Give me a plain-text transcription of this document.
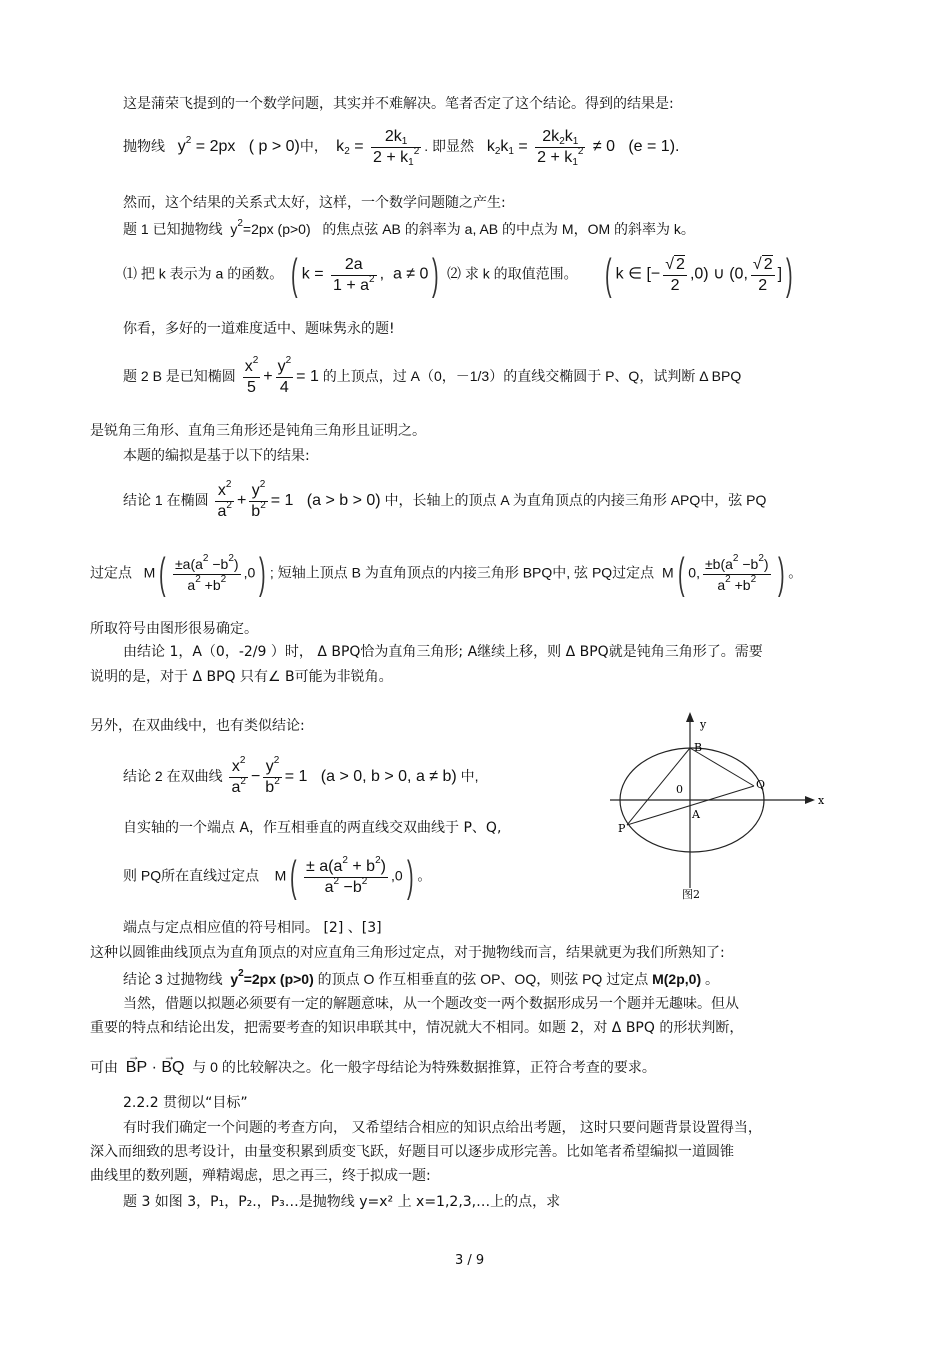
这是蒲荣飞提到的一个数学问题，其实并不难解决。笔者否定了这个结论。得到的结果是:
抛物线   $y^2 = 2px$   ( p > 0)中，  $k_2 = \frac{2k_1}{2 + k_1^2}$ . 即显然   $k_2k_1 = \frac{2k_2k_1}{2 + k_1^2} \ne 0$   (e = 1).
然而，这个结果的关系式太好，这样，一个数学问题随之产生:
题 1 已知抛物线  $y^2=2px$ (p>0)   的焦点弦 AB 的斜率为 a, AB 的中点为 M，OM 的斜率为 k。
⑴ 把 k 表示为 a 的函数。 ( $k = \frac{2a}{1 + a^2}$ ,  a ≠ 0) ⑵ 求 k 的取值范围。 ( k ∈ [− $\frac{√ 2}{2} ,0$) ∪ (0, $\frac{√ 2}{2}$ ])
你看，多好的一道难度适中、题味隽永的题!
题 2 B 是已知椭圆 $\frac{x^2}{5} + \frac{y^2}{4} = 1$ 的上顶点，过 A（0，－1/3）的直线交椭圆于 P、Q，试判断 Δ BPQ
是锐角三角形、直角三角形还是钝角三角形且证明之。
本题的编拟是基于以下的结果:
结论 1 在椭圆 $\frac{x^2}{a^2} + \frac{y^2}{b^2} = 1$   (a > b > 0) 中，长轴上的顶点 A 为直角顶点的内接三角形 APQ中，弦 PQ
过定点   $M( \frac{\pm a(a^2 -b^2)}{a^2 +b^2} ,0)$ ; 短轴上顶点 B 为直角顶点的内接三角形 BPQ中, 弦 PQ过定点  M( 0, $\frac{\pm b(a^2 -b^2)}{a^2 +b^2}$ ) 。
所取符号由图形很易确定。
由结论 1，A（0，-2/9 ）时， Δ BPQ恰为直角三角形; A继续上移，则 Δ BPQ就是钝角三角形了。需要
说明的是，对于 Δ BPQ 只有∠ B可能为非锐角。
另外，在双曲线中，也有类似结论:
结论 2 在双曲线 $\frac{x^2}{a^2} - \frac{y^2}{b^2} = 1$   (a > 0, b > 0, a ≠ b) 中,
自实轴的一个端点 A，作互相垂直的两直线交双曲线于 P、Q,
则 PQ所在直线过定点    $M( \frac{\pm a(a^2 + b^2)}{a^2 -b^2} ,0)$ 。
端点与定点相应值的符号相同。 [2] 、[3]
这种以圆锥曲线顶点为直角顶点的对应直角三角形过定点，对于抛物线而言，结果就更为我们所熟知了:
结论 3 过抛物线 $y^2=2px$ (p>0) 的顶点 O 作互相垂直的弦 OP、OQ，则弦 PQ 过定点 M(2p,0) 。
当然，借题以拟题必须要有一定的解题意味，从一个题改变一两个数据形成另一个题并无趣味。但从
重要的特点和结论出发，把需要考查的知识串联其中，情况就大不相同。如题 2，对 Δ BPQ 的形状判断，
可由  → BP · → BQ 与 0 的比较解决之。化一般字母结论为特殊数据推算，正符合考查的要求。
2.2.2 贯彻以“目标”
有时我们确定一个问题的考查方向， 又希望结合相应的知识点给出考题， 这时只要问题背景设置得当，
深入而细致的思考设计，由量变积累到质变飞跃，好题目可以逐步成形完善。比如笔者希望编拟一道圆锥
曲线里的数列题，殚精竭虑，思之再三，终于拟成一题:
题 3 如图 3，P₁，P₂.，P₃…是抛物线 y=x² 上 x=1,2,3,…上的点，求
3 / 9
y
x
B
0	Q
P
A
图2
